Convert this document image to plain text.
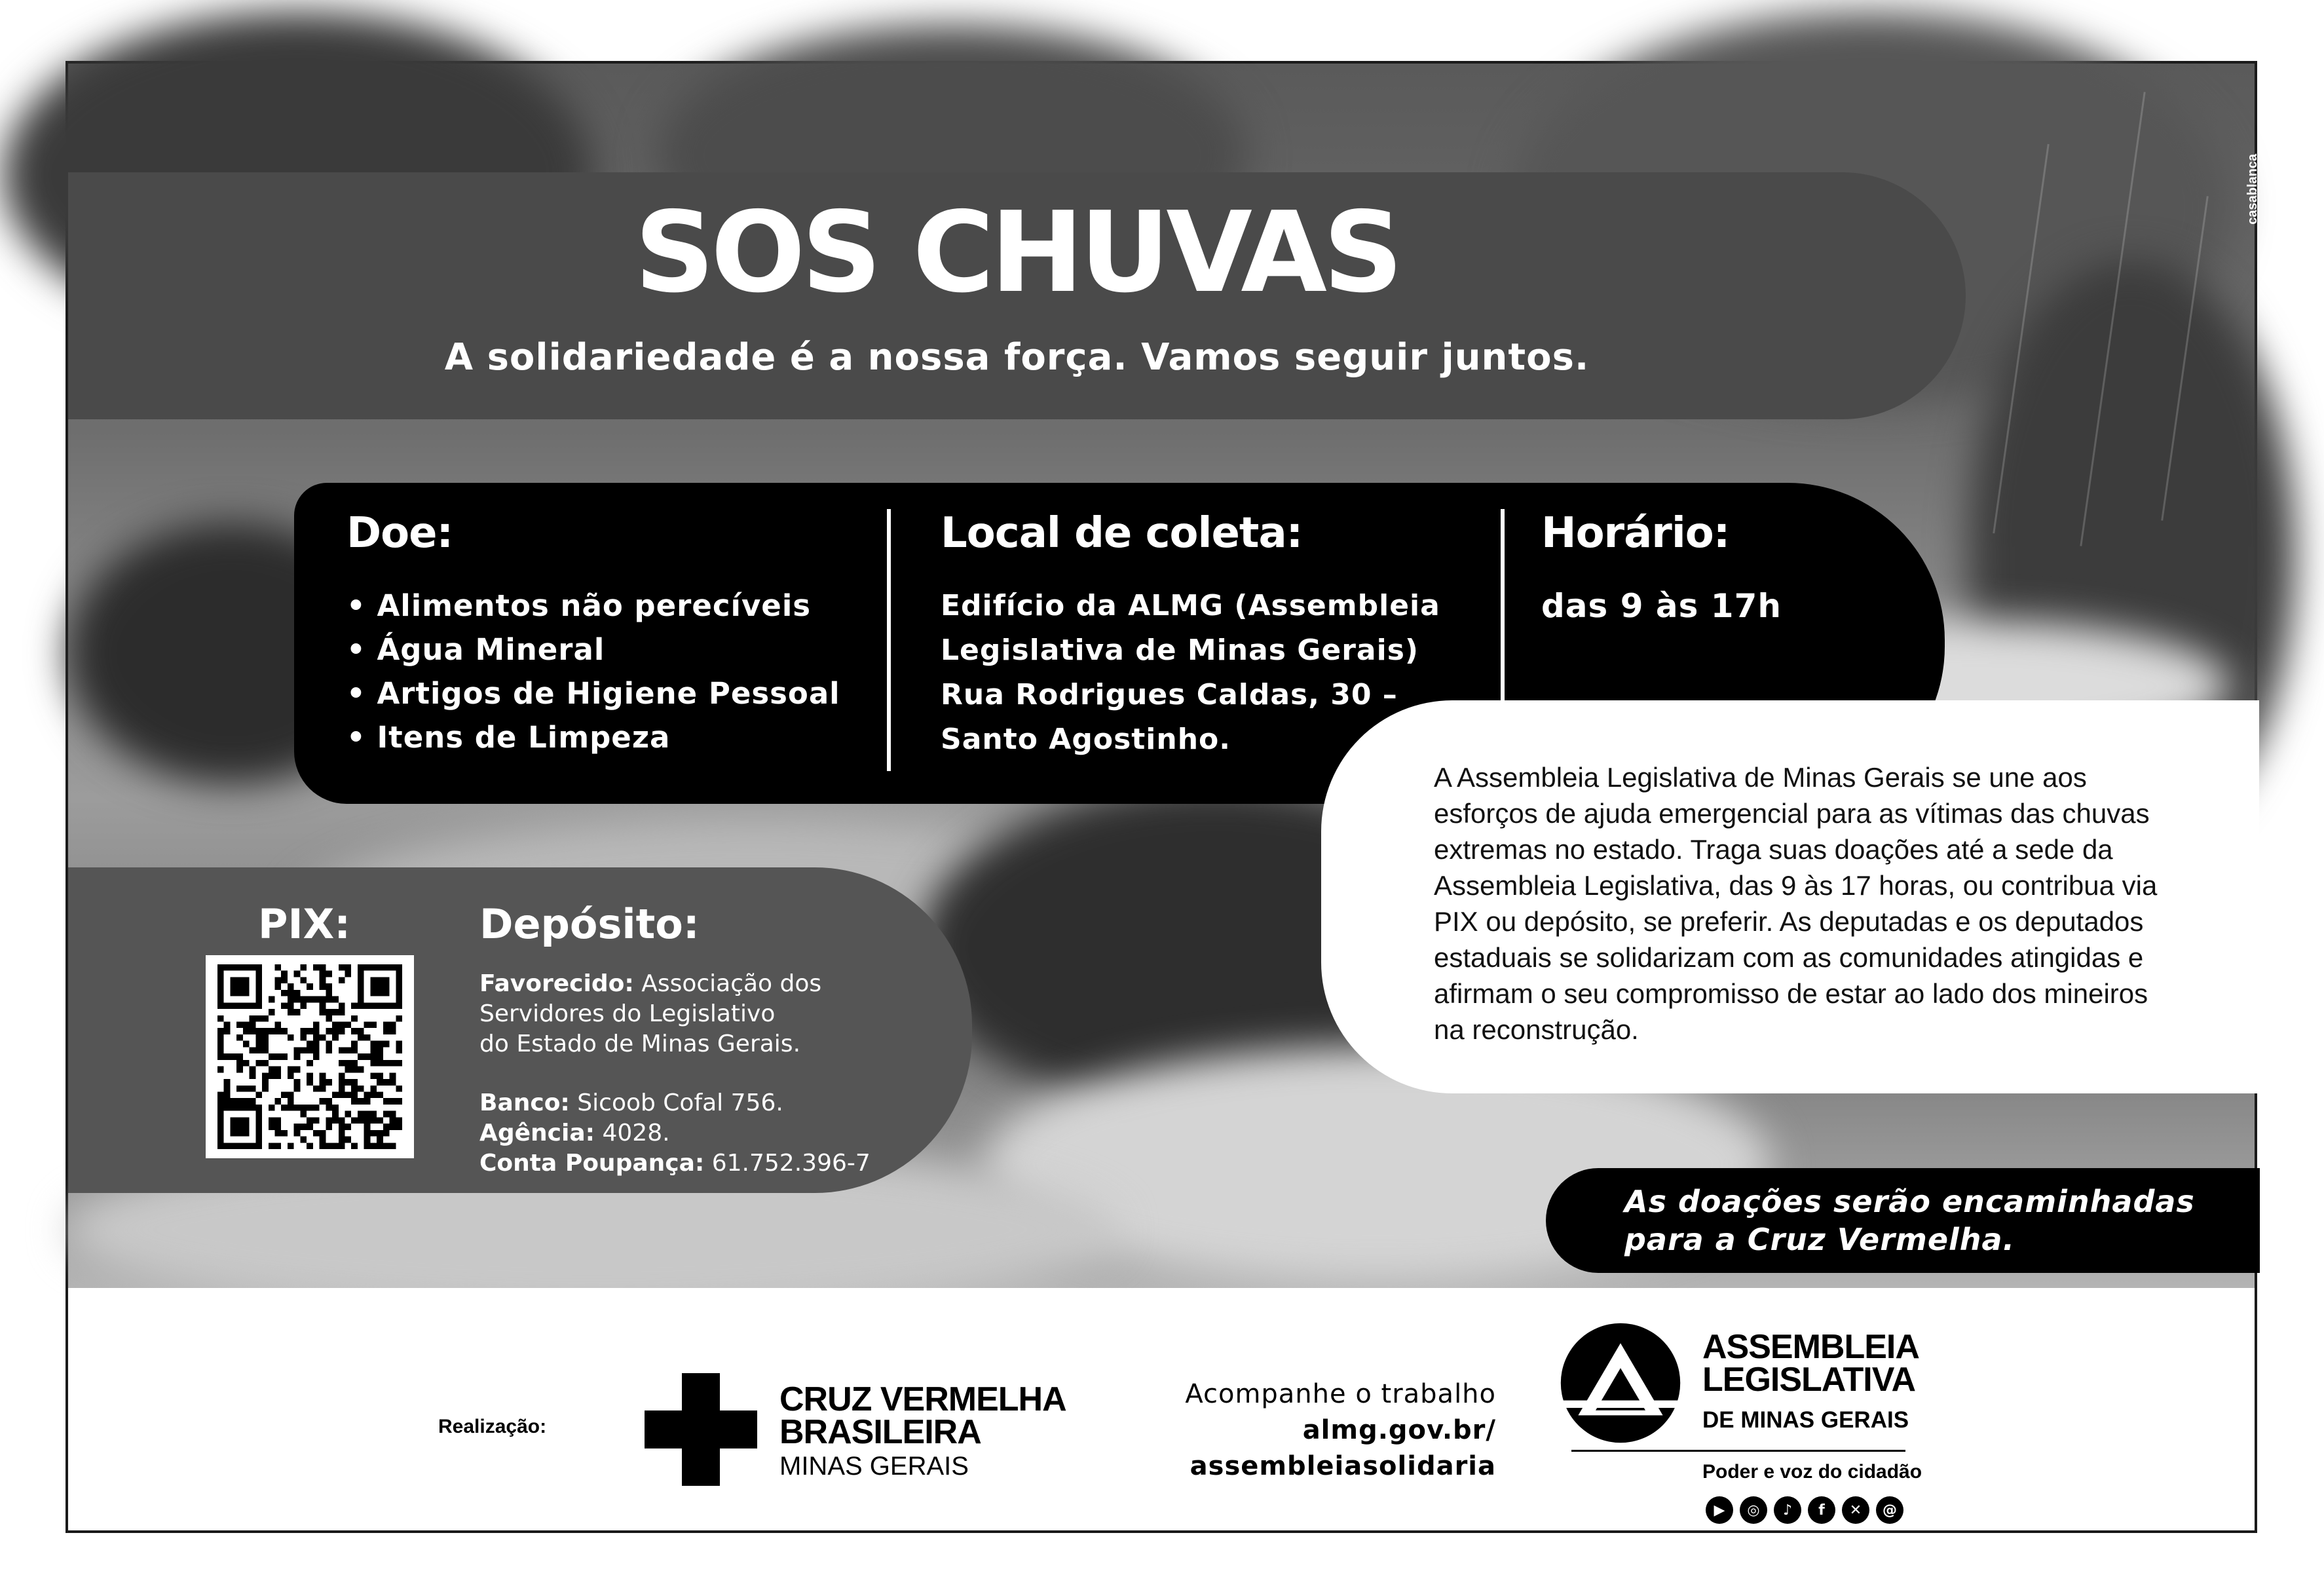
casablanca
SOS CHUVAS

A solidariedade é a nossa força. Vamos seguir juntos.

Doe:

• Alimentos não perecíveis
• Água Mineral
• Artigos de Higiene Pessoal
• Itens de Limpeza

Local de coleta:

Edifício da ALMG (Assembleia

Legislativa de Minas Gerais)

Rua Rodrigues Caldas, 30 –

Santo Agostinho.

Horário:

das 9 às 17h

A Assembleia Legislativa de Minas Gerais se une aos esforços de ajuda emergencial para as vítimas das chuvas extremas no estado. Traga suas doações até a sede da Assembleia Legislativa, das 9 às 17 horas, ou contribua via PIX ou depósito, se preferir. As deputadas e os deputados estaduais se solidarizam com as comunidades atingidas e afirmam o seu compromisso de estar ao lado dos mineiros na reconstrução.

PIX:	Depósito:

Favorecido: Associação dos

Servidores do Legislativo

do Estado de Minas Gerais.

Banco: Sicoob Cofal 756.

Agência: 4028.

Conta Poupança: 61.752.396-7

As doações serão encaminhadas
para a Cruz Vermelha.

Realização:

CRUZ VERMELHA
BRASILEIRA

MINAS GERAIS

Acompanhe o trabalho
almg.gov.br/
assembleiasolidaria

ASSEMBLEIA
LEGISLATIVA

DE MINAS GERAIS

Poder e voz do cidadão

▶	◎	♪	f	✕	@
